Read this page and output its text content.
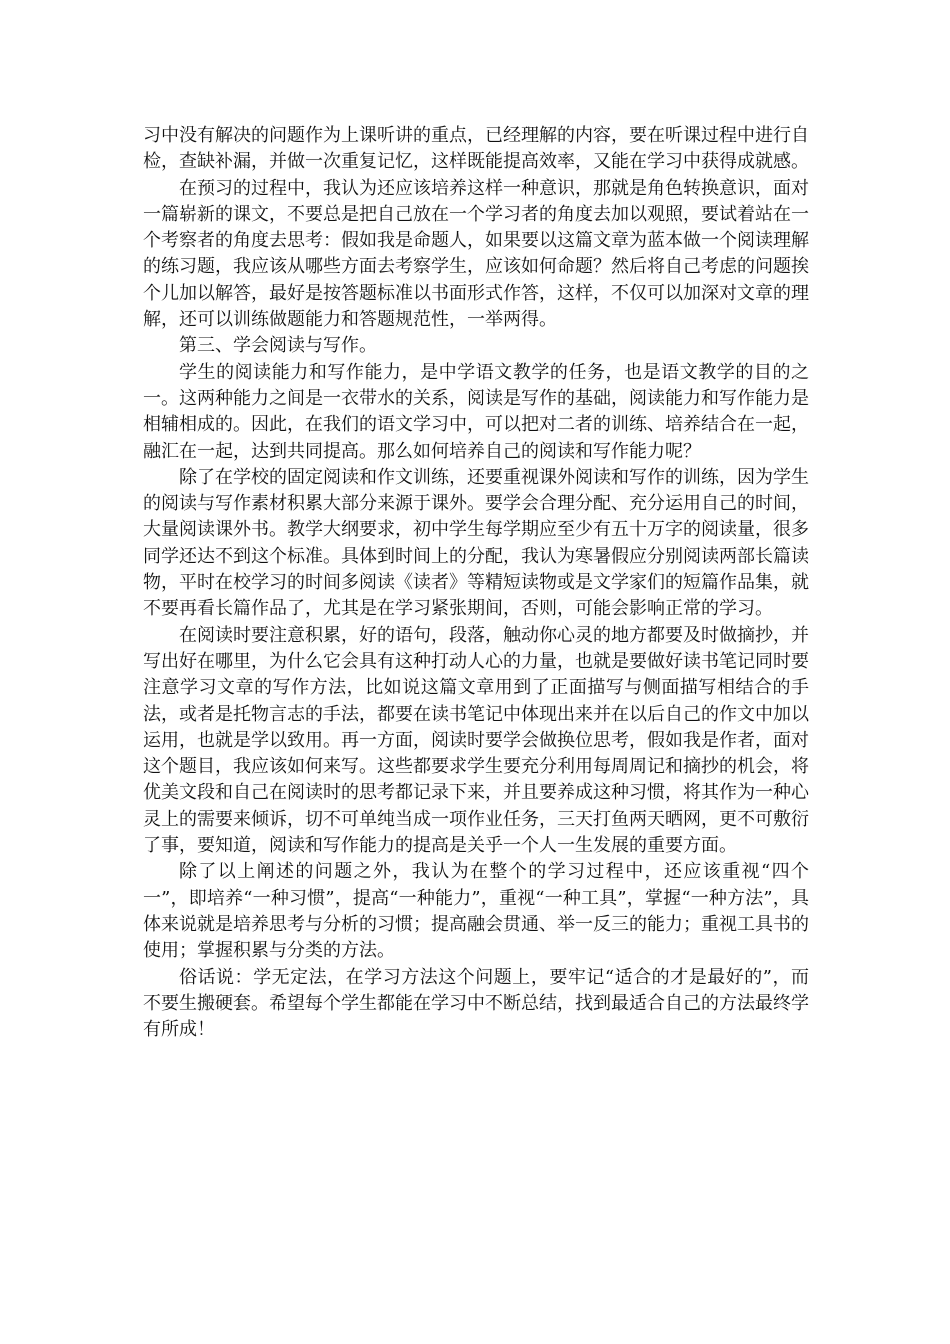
习中没有解决的问题作为上课听讲的重点，已经理解的内容，要在听课过程中进行自检，查缺补漏，并做一次重复记忆，这样既能提高效率，又能在学习中获得成就感。

在预习的过程中，我认为还应该培养这样一种意识，那就是角色转换意识，面对一篇崭新的课文，不要总是把自己放在一个学习者的角度去加以观照，要试着站在一个考察者的角度去思考：假如我是命题人，如果要以这篇文章为蓝本做一个阅读理解的练习题，我应该从哪些方面去考察学生，应该如何命题？然后将自己考虑的问题挨个儿加以解答，最好是按答题标准以书面形式作答，这样，不仅可以加深对文章的理解，还可以训练做题能力和答题规范性，一举两得。

第三、学会阅读与写作。

学生的阅读能力和写作能力，是中学语文教学的任务，也是语文教学的目的之一。这两种能力之间是一衣带水的关系，阅读是写作的基础，阅读能力和写作能力是相辅相成的。因此，在我们的语文学习中，可以把对二者的训练、培养结合在一起，融汇在一起，达到共同提高。那么如何培养自己的阅读和写作能力呢？

除了在学校的固定阅读和作文训练，还要重视课外阅读和写作的训练，因为学生的阅读与写作素材积累大部分来源于课外。要学会合理分配、充分运用自己的时间，大量阅读课外书。教学大纲要求，初中学生每学期应至少有五十万字的阅读量，很多同学还达不到这个标准。具体到时间上的分配，我认为寒暑假应分别阅读两部长篇读物，平时在校学习的时间多阅读《读者》等精短读物或是文学家们的短篇作品集，就不要再看长篇作品了，尤其是在学习紧张期间，否则，可能会影响正常的学习。

在阅读时要注意积累，好的语句，段落，触动你心灵的地方都要及时做摘抄，并写出好在哪里，为什么它会具有这种打动人心的力量，也就是要做好读书笔记同时要注意学习文章的写作方法，比如说这篇文章用到了正面描写与侧面描写相结合的手法，或者是托物言志的手法，都要在读书笔记中体现出来并在以后自己的作文中加以运用，也就是学以致用。再一方面，阅读时要学会做换位思考，假如我是作者，面对这个题目，我应该如何来写。这些都要求学生要充分利用每周周记和摘抄的机会，将优美文段和自己在阅读时的思考都记录下来，并且要养成这种习惯，将其作为一种心灵上的需要来倾诉，切不可单纯当成一项作业任务，三天打鱼两天晒网，更不可敷衍了事，要知道，阅读和写作能力的提高是关乎一个人一生发展的重要方面。

除了以上阐述的问题之外，我认为在整个的学习过程中，还应该重视“四个一”，即培养“一种习惯”，提高“一种能力”，重视“一种工具”，掌握“一种方法”，具体来说就是培养思考与分析的习惯；提高融会贯通、举一反三的能力；重视工具书的使用；掌握积累与分类的方法。

俗话说：学无定法，在学习方法这个问题上，要牢记“适合的才是最好的”，而不要生搬硬套。希望每个学生都能在学习中不断总结，找到最适合自己的方法最终学有所成！
